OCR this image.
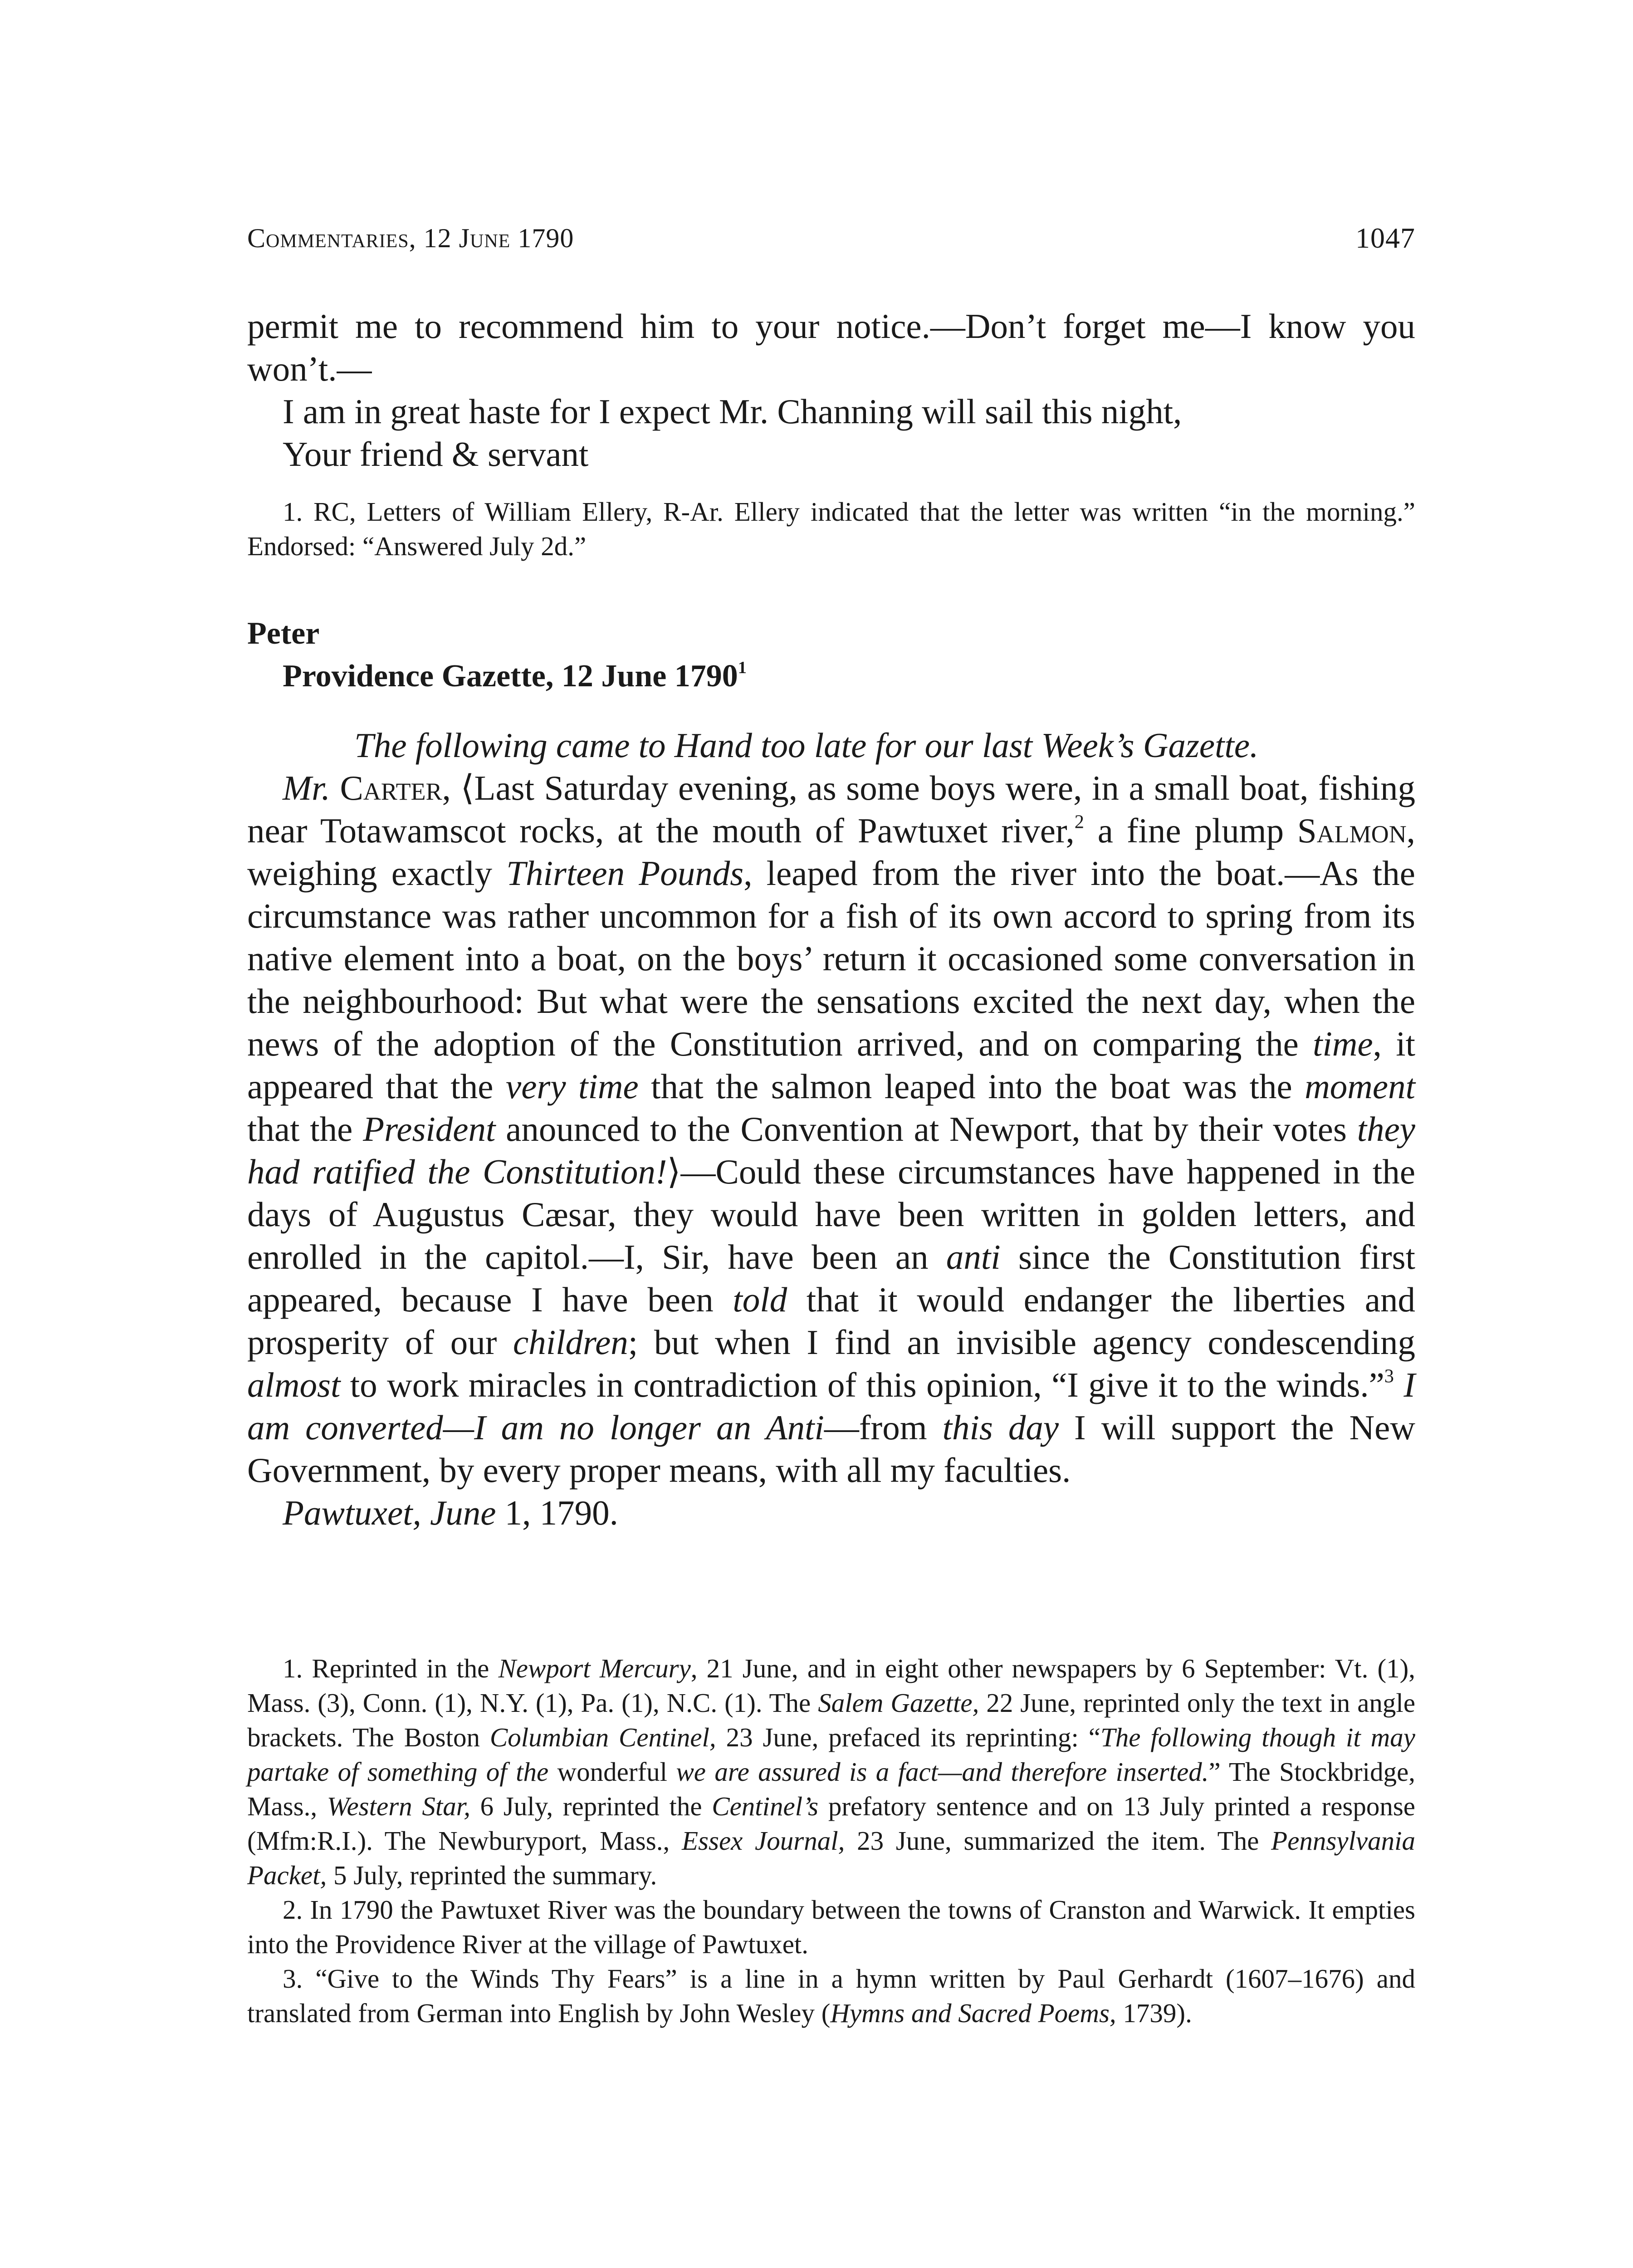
Commentaries, 12 June 1790	1047

permit me to recommend him to your notice.—Don’t forget me—I know you won’t.—

I am in great haste for I expect Mr. Channing will sail this night,

Your friend & servant

1. RC, Letters of William Ellery, R-Ar. Ellery indicated that the letter was written “in the morning.” Endorsed: “Answered July 2d.”

Peter

Providence Gazette, 12 June 1790$^1$

The following came to Hand too late for our last Week’s Gazette.

Mr. Carter, ⟨Last Saturday evening, as some boys were, in a small boat, fishing near Totawamscot rocks, at the mouth of Pawtuxet river,$^2$ a fine plump Salmon, weighing exactly Thirteen Pounds, leaped from the river into the boat.—As the circumstance was rather uncommon for a fish of its own accord to spring from its native element into a boat, on the boys’ return it occasioned some conversation in the neighbourhood: But what were the sensations excited the next day, when the news of the adoption of the Constitution arrived, and on comparing the time, it appeared that the very time that the salmon leaped into the boat was the moment that the President anounced to the Convention at Newport, that by their votes they had ratified the Constitution!⟩—Could these circumstances have happened in the days of Augustus Cæsar, they would have been written in golden letters, and enrolled in the capitol.—I, Sir, have been an anti since the Constitution first appeared, because I have been told that it would endanger the liberties and prosperity of our children; but when I find an invisible agency condescending almost to work miracles in contradiction of this opinion, “I give it to the winds.”$^3$ I am converted—I am no longer an Anti—from this day I will support the New Government, by every proper means, with all my faculties.

Pawtuxet, June 1, 1790.

1. Reprinted in the Newport Mercury, 21 June, and in eight other newspapers by 6 September: Vt. (1), Mass. (3), Conn. (1), N.Y. (1), Pa. (1), N.C. (1). The Salem Gazette, 22 June, reprinted only the text in angle brackets. The Boston Columbian Centinel, 23 June, prefaced its reprinting: “The following though it may partake of something of the wonderful we are assured is a fact—and therefore inserted.” The Stockbridge, Mass., Western Star, 6 July, reprinted the Centinel’s prefatory sentence and on 13 July printed a response (Mfm:R.I.). The Newburyport, Mass., Essex Journal, 23 June, summarized the item. The Pennsylvania Packet, 5 July, reprinted the summary.

2. In 1790 the Pawtuxet River was the boundary between the towns of Cranston and Warwick. It empties into the Providence River at the village of Pawtuxet.

3. “Give to the Winds Thy Fears” is a line in a hymn written by Paul Gerhardt (1607–1676) and translated from German into English by John Wesley (Hymns and Sacred Poems, 1739).
